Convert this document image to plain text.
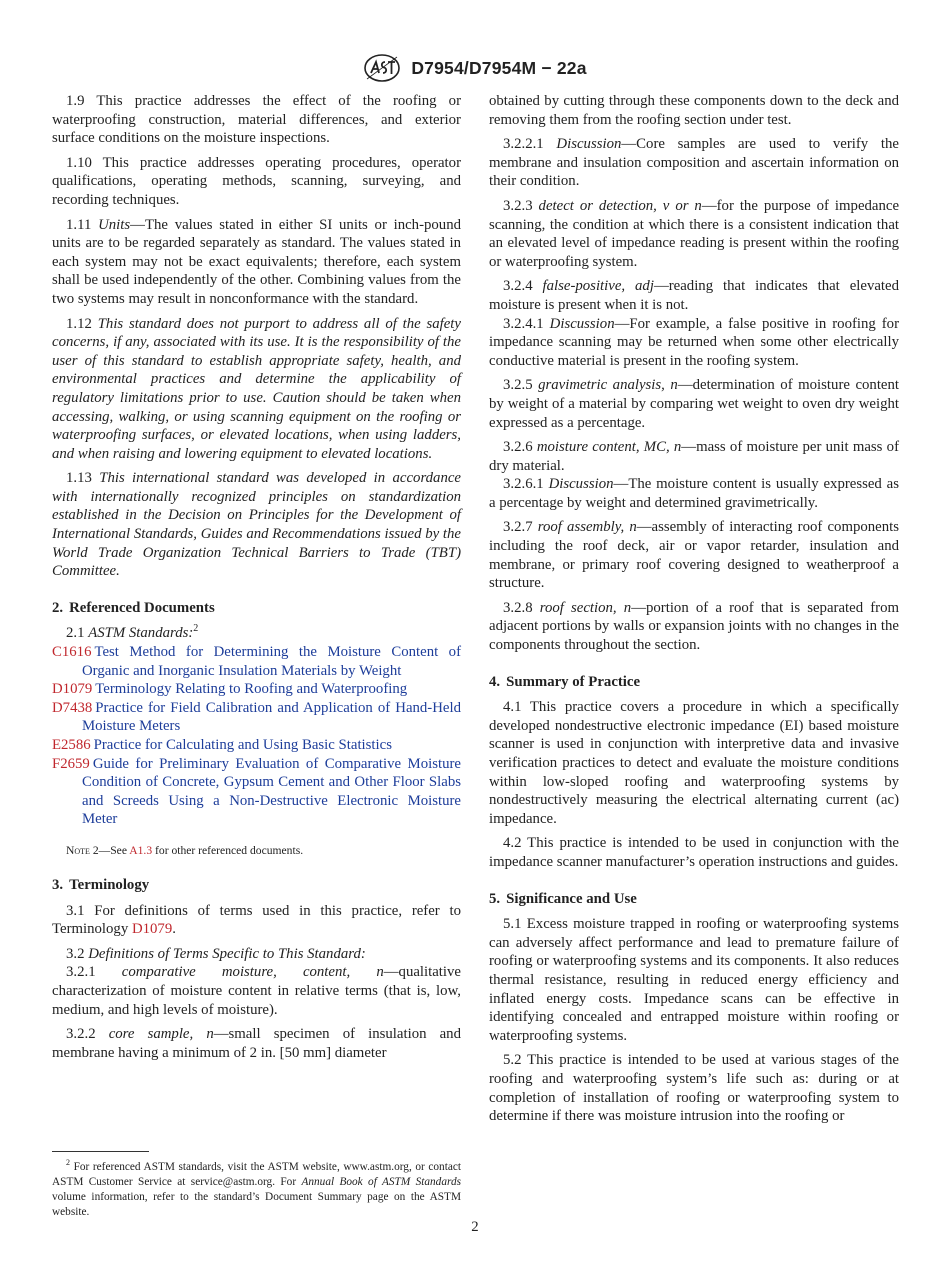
D7954/D7954M − 22a

1.9 This practice addresses the effect of the roofing or waterproofing construction, material differences, and exterior surface conditions on the moisture inspections.

1.10 This practice addresses operating procedures, operator qualifications, operating methods, scanning, surveying, and recording techniques.

1.11 Units—The values stated in either SI units or inch-pound units are to be regarded separately as standard. The values stated in each system may not be exact equivalents; therefore, each system shall be used independently of the other. Combining values from the two systems may result in nonconformance with the standard.

1.12 This standard does not purport to address all of the safety concerns, if any, associated with its use. It is the responsibility of the user of this standard to establish appropriate safety, health, and environmental practices and determine the applicability of regulatory limitations prior to use. Caution should be taken when accessing, walking, or using scanning equipment on the roofing or waterproofing surfaces, or elevated locations, when using ladders, and when raising and lowering equipment to elevated locations.

1.13 This international standard was developed in accordance with internationally recognized principles on standardization established in the Decision on Principles for the Development of International Standards, Guides and Recommendations issued by the World Trade Organization Technical Barriers to Trade (TBT) Committee.

2. Referenced Documents

2.1 ASTM Standards:$^2$

C1616 Test Method for Determining the Moisture Content of Organic and Inorganic Insulation Materials by Weight

D1079 Terminology Relating to Roofing and Waterproofing

D7438 Practice for Field Calibration and Application of Hand-Held Moisture Meters

E2586 Practice for Calculating and Using Basic Statistics

F2659 Guide for Preliminary Evaluation of Comparative Moisture Condition of Concrete, Gypsum Cement and Other Floor Slabs and Screeds Using a Non-Destructive Electronic Moisture Meter

Note 2—See A1.3 for other referenced documents.

3. Terminology

3.1 For definitions of terms used in this practice, refer to Terminology D1079.

3.2 Definitions of Terms Specific to This Standard:

3.2.1 comparative moisture, content, n—qualitative characterization of moisture content in relative terms (that is, low, medium, and high levels of moisture).

3.2.2 core sample, n—small specimen of insulation and membrane having a minimum of 2 in. [50 mm] diameter

$^2$ For referenced ASTM standards, visit the ASTM website, www.astm.org, or contact ASTM Customer Service at service@astm.org. For Annual Book of ASTM Standards volume information, refer to the standard’s Document Summary page on the ASTM website.

obtained by cutting through these components down to the deck and removing them from the roofing section under test.

3.2.2.1 Discussion—Core samples are used to verify the membrane and insulation composition and ascertain information on their condition.

3.2.3 detect or detection, v or n—for the purpose of impedance scanning, the condition at which there is a consistent indication that an elevated level of impedance reading is present within the roofing or waterproofing system.

3.2.4 false-positive, adj—reading that indicates that elevated moisture is present when it is not.

3.2.4.1 Discussion—For example, a false positive in roofing for impedance scanning may be returned when some other electrically conductive material is present in the roofing system.

3.2.5 gravimetric analysis, n—determination of moisture content by weight of a material by comparing wet weight to oven dry weight expressed as a percentage.

3.2.6 moisture content, MC, n—mass of moisture per unit mass of dry material.

3.2.6.1 Discussion—The moisture content is usually expressed as a percentage by weight and determined gravimetrically.

3.2.7 roof assembly, n—assembly of interacting roof components including the roof deck, air or vapor retarder, insulation and membrane, or primary roof covering designed to weatherproof a structure.

3.2.8 roof section, n—portion of a roof that is separated from adjacent portions by walls or expansion joints with no changes in the components throughout the section.

4. Summary of Practice

4.1 This practice covers a procedure in which a specifically developed nondestructive electronic impedance (EI) based moisture scanner is used in conjunction with interpretive data and invasive verification practices to detect and evaluate the moisture conditions within low-sloped roofing and waterproofing systems by nondestructively measuring the electrical alternating current (ac) impedance.

4.2 This practice is intended to be used in conjunction with the impedance scanner manufacturer’s operation instructions and guides.

5. Significance and Use

5.1 Excess moisture trapped in roofing or waterproofing systems can adversely affect performance and lead to premature failure of roofing or waterproofing systems and its components. It also reduces thermal resistance, resulting in reduced energy efficiency and inflated energy costs. Impedance scans can be effective in identifying concealed and entrapped moisture within roofing or waterproofing systems.

5.2 This practice is intended to be used at various stages of the roofing and waterproofing system’s life such as: during or at completion of installation of roofing or waterproofing system to determine if there was moisture intrusion into the roofing or

2
